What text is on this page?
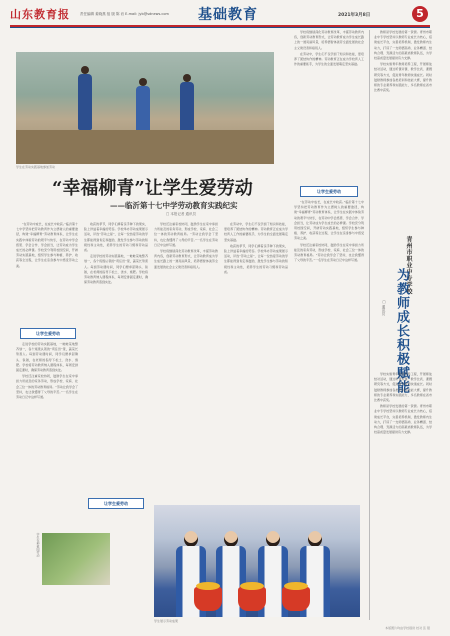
山东教育报	责任编辑 姜晓燕 组 版 陈 岩 E-mail: jyb@sdnews.com 基础教育	2021年3月8日	5
学生在劳动实践基地参加劳动
“幸福柳青”让学生爱劳动
——临沂第十七中学劳动教育实践纪实
□ 本报记者 通讯员

“在劳动中成长，在成长中收获。”临沂第十七中学坚持把劳动教育作为立德树人的重要途径，构建“幸福柳青”劳动教育体系，让学生在实践中体验劳动的艰辛与快乐，在劳动中学会感恩、学会合作、学会担当，让劳动成为学生成长的必修课。学校充分利用校园空间，开辟劳动实践基地，组织学生参与种植、养护、收获等全过程，让学生在亲身参与中感受劳动之美。

让学生爱劳动

走进学校的劳动实践基地，一畦畦菜地整齐划一，各个班级认领的“责任田”里，蔬菜长势喜人。每到劳动课时间，同学们便拿起锄头、铁锹，在老师的指导下松土、浇水、施肥。学校将劳动教育纳入课程体系，每周安排固定课时，确保劳动教育落到实处。

学校还注重家校协同，鼓励学生在家中承担力所能及的家务劳动，形成学校、家庭、社会三位一体的劳动教育格局。“劳动让我学会了坚持，也让我懂得了父母的辛苦。”一名学生在劳动日记中这样写道。

收获的季节，同学们捧着亲手种下的果实，脸上洋溢着幸福的笑容。学校举办劳动成果展示活动，评选“劳动之星”，让每一位热爱劳动的学生都能得到肯定和鼓励，激发学生参与劳动的积极性和主动性，培养学生的劳动习惯和劳动品质。

走进学校的劳动实践基地，一畦畦菜地整齐划一，各个班级认领的“责任田”里，蔬菜长势喜人。每到劳动课时间，同学们便拿起锄头、铁锹，在老师的指导下松土、浇水、施肥。学校将劳动教育纳入课程体系，每周安排固定课时，确保劳动教育落到实处。

让学生爱劳动

学校还注重家校协同，鼓励学生在家中承担力所能及的家务劳动，形成学校、家庭、社会三位一体的劳动教育格局。“劳动让我学会了坚持，也让我懂得了父母的辛苦。”一名学生在劳动日记中这样写道。

学校将继续深化劳动教育改革，丰富劳动教育内容，创新劳动教育形式，让劳动教育成为学生成长路上的一道亮丽风景，培养德智体美劳全面发展的社会主义建设者和接班人。

在劳动中，学生们不仅学到了知识和技能，更培养了团结协作的精神。劳动教育正在成为学校育人工作的重要抓手，为学生的全面发展奠定坚实基础。

收获的季节，同学们捧着亲手种下的果实，脸上洋溢着幸福的笑容。学校举办劳动成果展示活动，评选“劳动之星”，让每一位热爱劳动的学生都能得到肯定和鼓励，激发学生参与劳动的积极性和主动性，培养学生的劳动习惯和劳动品质。

学校将继续深化劳动教育改革，丰富劳动教育内容，创新劳动教育形式，让劳动教育成为学生成长路上的一道亮丽风景，培养德智体美劳全面发展的社会主义建设者和接班人。

在劳动中，学生们不仅学到了知识和技能，更培养了团结协作的精神。劳动教育正在成为学校育人工作的重要抓手，为学生的全面发展奠定坚实基础。

让学生爱劳动

“在劳动中成长，在成长中收获。”临沂第十七中学坚持把劳动教育作为立德树人的重要途径，构建“幸福柳青”劳动教育体系，让学生在实践中体验劳动的艰辛与快乐，在劳动中学会感恩、学会合作、学会担当，让劳动成为学生成长的必修课。学校充分利用校园空间，开辟劳动实践基地，组织学生参与种植、养护、收获等全过程，让学生在亲身参与中感受劳动之美。

学校还注重家校协同，鼓励学生在家中承担力所能及的家务劳动，形成学校、家庭、社会三位一体的劳动教育格局。“劳动让我学会了坚持，也让我懂得了父母的辛苦。”一名学生在劳动日记中这样写道。

学生在种植园劳动
学生展示劳动成果

教师是学校发展的第一资源。青州市职业中专学校坚持以教师专业成长为核心，搭建成长平台，完善培养机制，激发教师内生动力，打造了一支师德高尚、业务精湛、结构合理、充满活力的高素质教师队伍，为学校高质量发展提供有力支撑。

学校实施青年教师培养工程，开展师徒结对活动，通过听课评课、教学比武、课题研究等方式，促进青年教师快速成长。同时鼓励教师参加各类培训和技能大赛，提升教师的专业素养和实践能力，多名教师在省市比赛中获奖。

青州市职业中专学校
为教师成长积极赋能
□ 通讯员

学校实施青年教师培养工程，开展师徒结对活动，通过听课评课、教学比武、课题研究等方式，促进青年教师快速成长。同时鼓励教师参加各类培训和技能大赛，提升教师的专业素养和实践能力，多名教师在省市比赛中获奖。

教师是学校发展的第一资源。青州市职业中专学校坚持以教师专业成长为核心，搭建成长平台，完善培养机制，激发教师内生动力，打造了一支师德高尚、业务精湛、结构合理、充满活力的高素质教师队伍，为学校高质量发展提供有力支撑。

本版图片均由学校提供 校对 张 强
